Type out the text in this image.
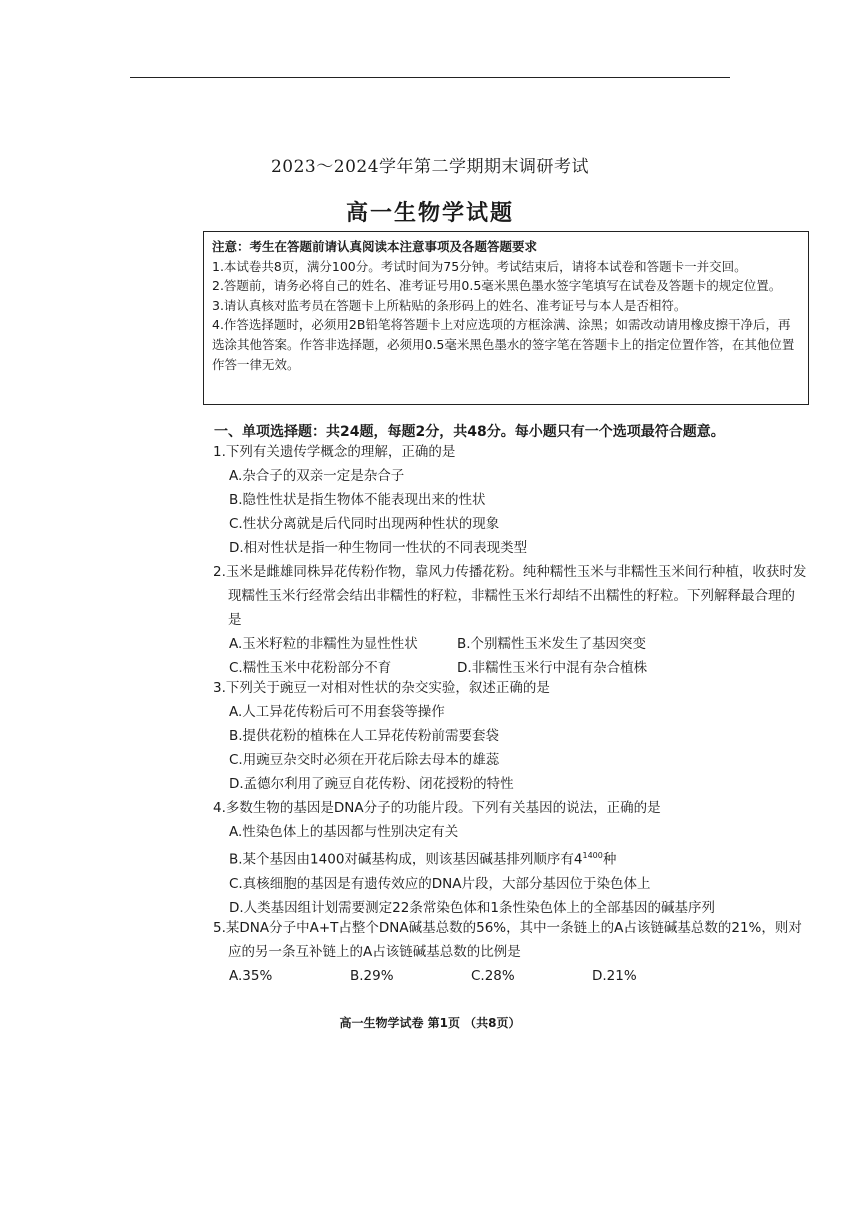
2023～2024学年第二学期期末调研考试
高一生物学试题

注意：考生在答题前请认真阅读本注意事项及各题答题要求

1.本试卷共8页，满分100分。考试时间为75分钟。考试结束后，请将本试卷和答题卡一并交回。

2.答题前，请务必将自己的姓名、准考证号用0.5毫米黑色墨水签字笔填写在试卷及答题卡的规定位置。

3.请认真核对监考员在答题卡上所粘贴的条形码上的姓名、准考证号与本人是否相符。

4.作答选择题时，必须用2B铅笔将答题卡上对应选项的方框涂满、涂黑；如需改动请用橡皮擦干净后，再选涂其他答案。作答非选择题，必须用0.5毫米黑色墨水的签字笔在答题卡上的指定位置作答，在其他位置作答一律无效。

一、单项选择题：共24题，每题2分，共48分。每小题只有一个选项最符合题意。

1.下列有关遗传学概念的理解，正确的是

A.杂合子的双亲一定是杂合子

B.隐性性状是指生物体不能表现出来的性状

C.性状分离就是后代同时出现两种性状的现象

D.相对性状是指一种生物同一性状的不同表现类型

2.玉米是雌雄同株异花传粉作物，靠风力传播花粉。纯种糯性玉米与非糯性玉米间行种植，收获时发现糯性玉米行经常会结出非糯性的籽粒，非糯性玉米行却结不出糯性的籽粒。下列解释最合理的是

A.玉米籽粒的非糯性为显性性状	B.个别糯性玉米发生了基因突变
C.糯性玉米中花粉部分不育	D.非糯性玉米行中混有杂合植株

3.下列关于豌豆一对相对性状的杂交实验，叙述正确的是

A.人工异花传粉后可不用套袋等操作

B.提供花粉的植株在人工异花传粉前需要套袋

C.用豌豆杂交时必须在开花后除去母本的雄蕊

D.孟德尔利用了豌豆自花传粉、闭花授粉的特性

4.多数生物的基因是DNA分子的功能片段。下列有关基因的说法，正确的是

A.性染色体上的基因都与性别决定有关

B.某个基因由1400对碱基构成，则该基因碱基排列顺序有$4^{1400}$种

C.真核细胞的基因是有遗传效应的DNA片段，大部分基因位于染色体上

D.人类基因组计划需要测定22条常染色体和1条性染色体上的全部基因的碱基序列

5.某DNA分子中A+T占整个DNA碱基总数的56%，其中一条链上的A占该链碱基总数的21%，则对应的另一条互补链上的A占该链碱基总数的比例是

A.35%	B.29%	C.28%	D.21%
高一生物学试卷 第1页 （共8页）
